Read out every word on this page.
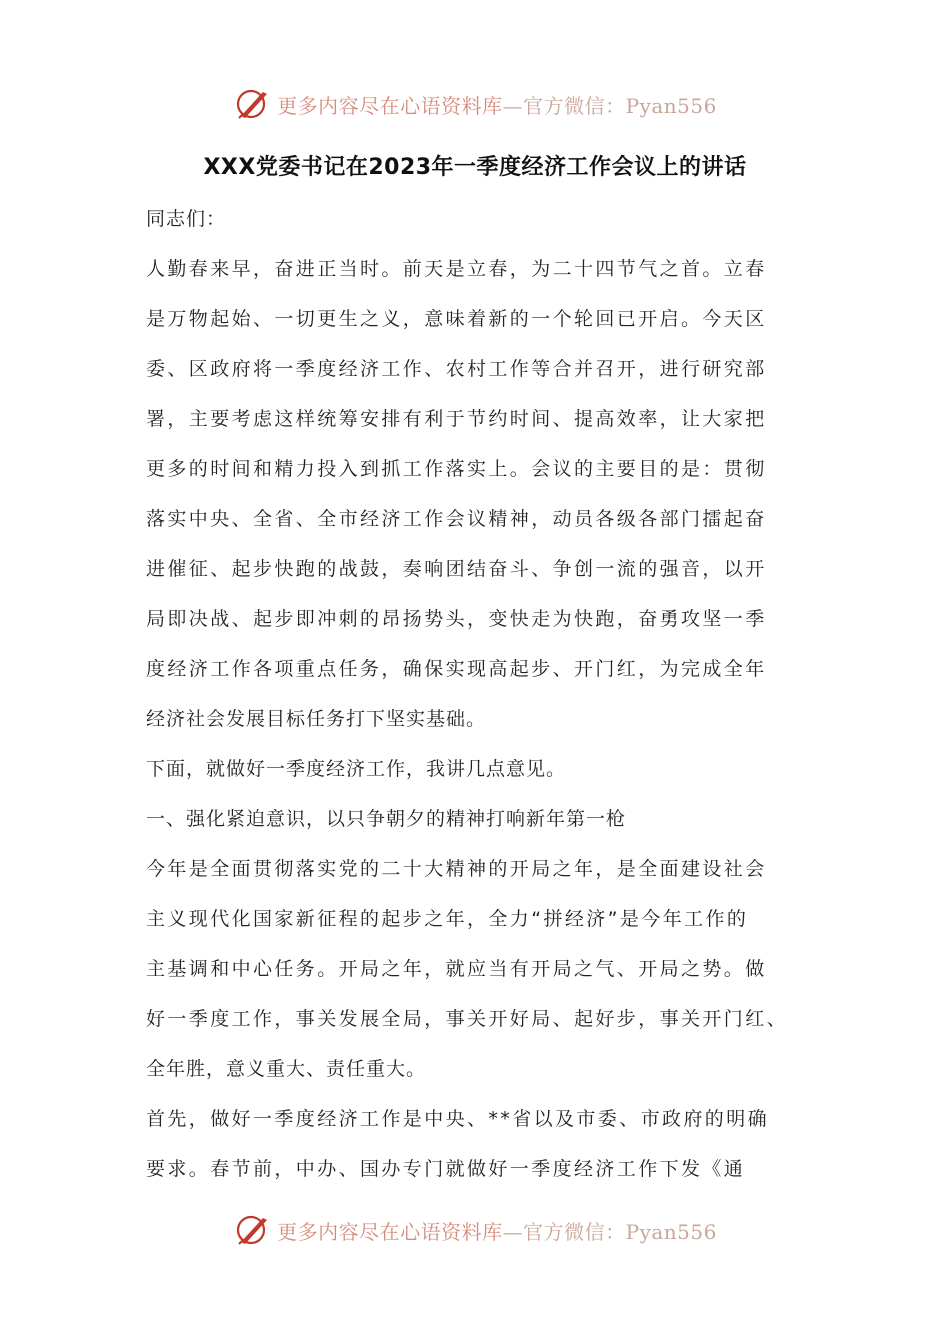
更多内容尽在心语资料库—官方微信：Pyan556
XXX党委书记在2023年一季度经济工作会议上的讲话
同志们：
人勤春来早，奋进正当时。前天是立春，为二十四节气之首。立春
是万物起始、一切更生之义，意味着新的一个轮回已开启。今天区
委、区政府将一季度经济工作、农村工作等合并召开，进行研究部
署，主要考虑这样统筹安排有利于节约时间、提高效率，让大家把
更多的时间和精力投入到抓工作落实上。会议的主要目的是：贯彻
落实中央、全省、全市经济工作会议精神，动员各级各部门擂起奋
进催征、起步快跑的战鼓，奏响团结奋斗、争创一流的强音，以开
局即决战、起步即冲刺的昂扬势头，变快走为快跑，奋勇攻坚一季
度经济工作各项重点任务，确保实现高起步、开门红，为完成全年
经济社会发展目标任务打下坚实基础。
下面，就做好一季度经济工作，我讲几点意见。
一、强化紧迫意识，以只争朝夕的精神打响新年第一枪
今年是全面贯彻落实党的二十大精神的开局之年，是全面建设社会
主义现代化国家新征程的起步之年，全力“拼经济”是今年工作的
主基调和中心任务。开局之年，就应当有开局之气、开局之势。做
好一季度工作，事关发展全局，事关开好局、起好步，事关开门红、
全年胜，意义重大、责任重大。
首先，做好一季度经济工作是中央、**省以及市委、市政府的明确
要求。春节前，中办、国办专门就做好一季度经济工作下发《通
更多内容尽在心语资料库—官方微信：Pyan556
